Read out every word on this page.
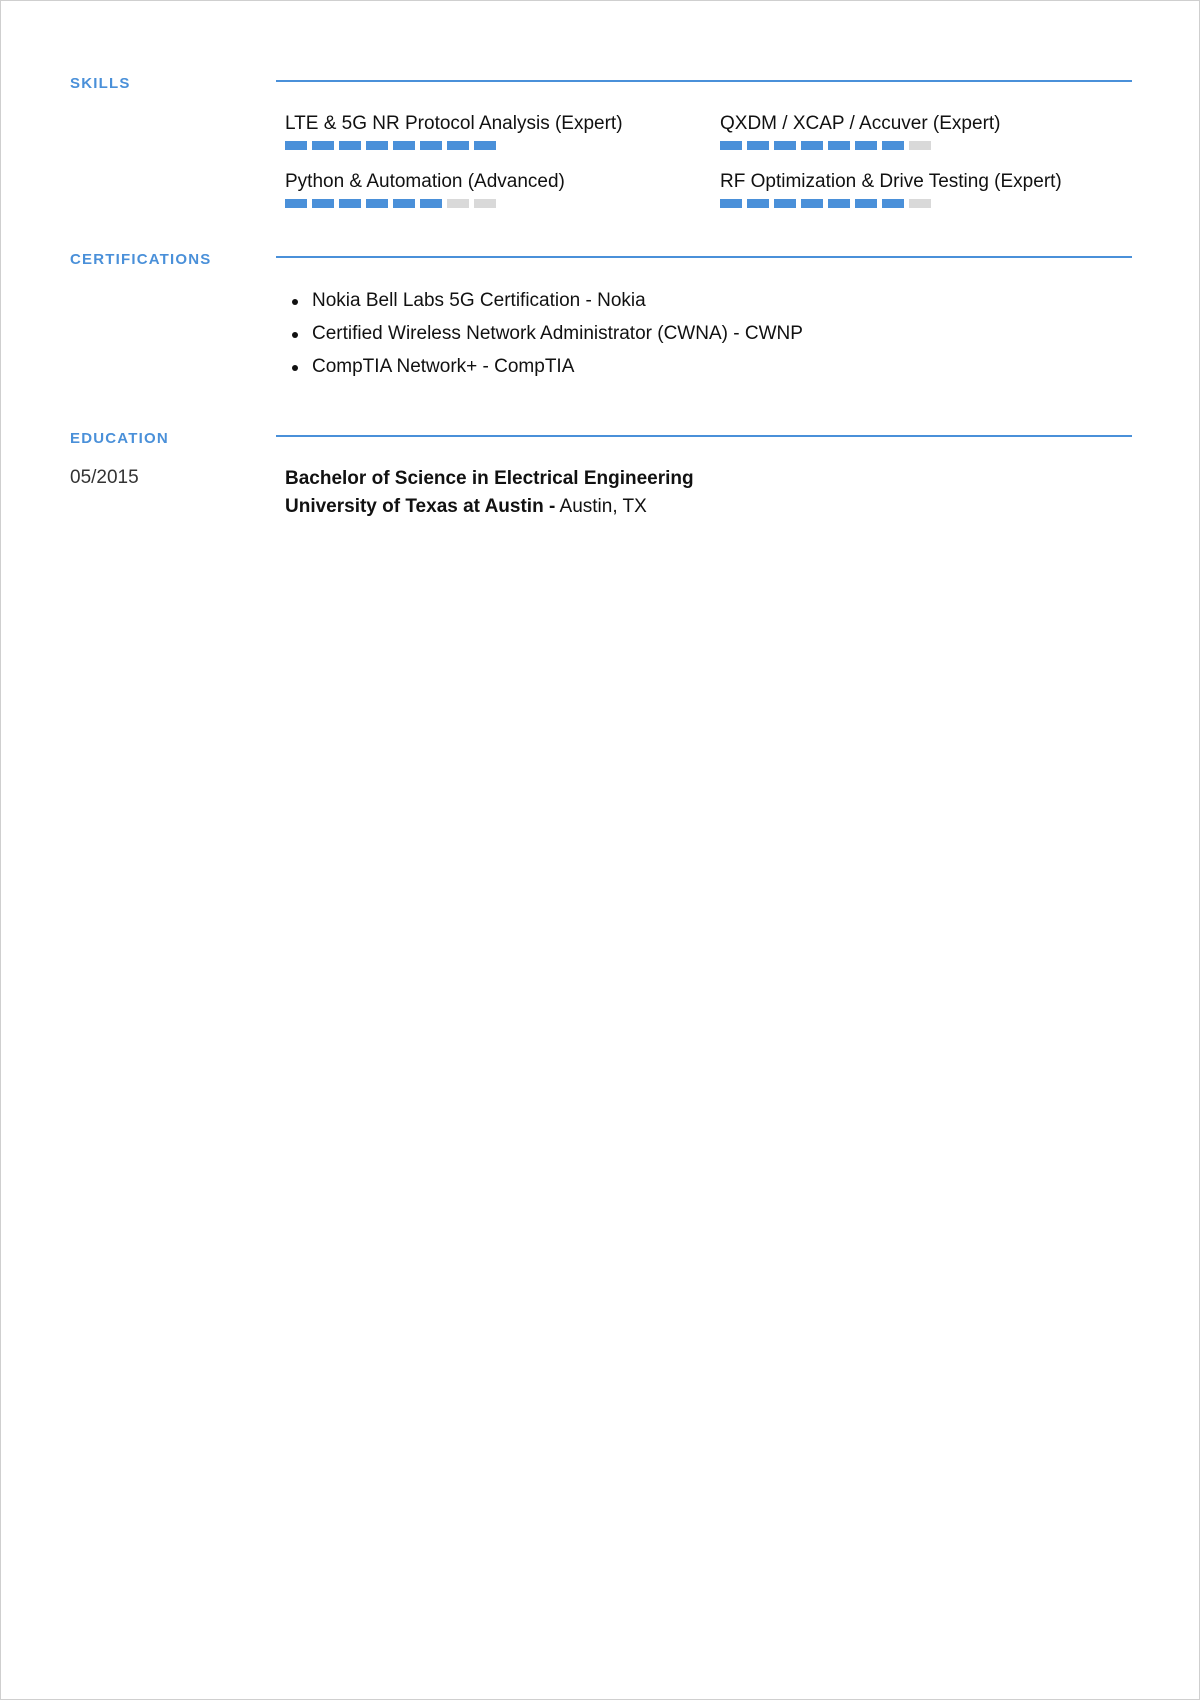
SKILLS
LTE & 5G NR Protocol Analysis (Expert)	QXDM / XCAP / Accuver (Expert)
Python & Automation (Advanced)	RF Optimization & Drive Testing (Expert)
CERTIFICATIONS
Nokia Bell Labs 5G Certification - Nokia
Certified Wireless Network Administrator (CWNA) - CWNP
CompTIA Network+ - CompTIA
EDUCATION
05/2015	Bachelor of Science in Electrical Engineering
University of Texas at Austin - Austin, TX
